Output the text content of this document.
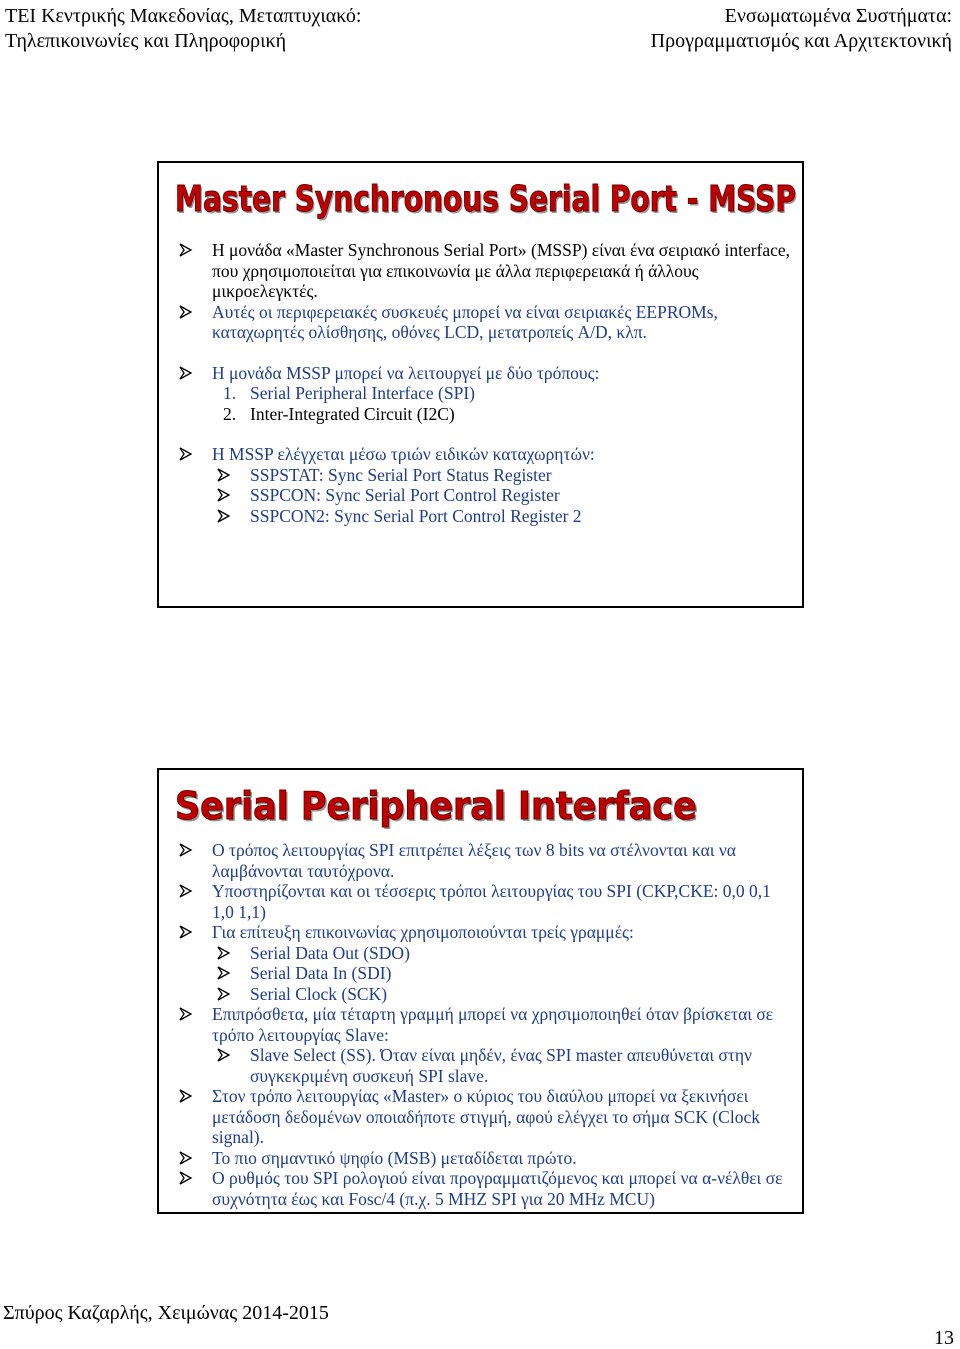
ΤΕΙ Κεντρικής Μακεδονίας, Μεταπτυχιακό:
Τηλεπικοινωνίες και Πληροφορική
Ενσωματωμένα Συστήματα:
Προγραμματισμός και Αρχιτεκτονική
Master Synchronous Serial Port - MSSP
Η μονάδα «Master Synchronous Serial Port» (MSSP) είναι ένα σειριακό interface, που χρησιμοποιείται για επικοινωνία με άλλα περιφερειακά ή άλλους μικροελεγκτές.
Αυτές οι περιφερειακές συσκευές μπορεί να είναι σειριακές EEPROMs, καταχωρητές ολίσθησης, οθόνες LCD, μετατροπείς A/D, κλπ.
Η μονάδα MSSP μπορεί να λειτουργεί με δύο τρόπους:
1. Serial Peripheral Interface (SPI)
2. Inter-Integrated Circuit (I2C)
H MSSP ελέγχεται μέσω τριών ειδικών καταχωρητών:
SSPSTAT: Sync Serial Port Status Register
SSPCON: Sync Serial Port Control Register
SSPCON2: Sync Serial Port Control Register 2
Serial Peripheral Interface
Ο τρόπος λειτουργίας SPI επιτρέπει λέξεις των 8 bits να στέλνονται και να λαμβάνονται ταυτόχρονα.
Υποστηρίζονται και οι τέσσερις τρόποι λειτουργίας του SPI (CKP,CKE: 0,0 0,1 1,0 1,1)
Για επίτευξη επικοινωνίας χρησιμοποιούνται τρείς γραμμές:
Serial Data Out (SDO)
Serial Data In (SDI)
Serial Clock (SCK)
Επιπρόσθετα, μία τέταρτη γραμμή μπορεί να χρησιμοποιηθεί όταν βρίσκεται σε τρόπο λειτουργίας Slave:
Slave Select (SS). Όταν είναι μηδέν, ένας SPI master απευθύνεται στην συγκεκριμένη συσκευή SPI slave.
Στον τρόπο λειτουργίας «Master» ο κύριος του διαύλου μπορεί να ξεκινήσει μετάδοση δεδομένων οποιαδήποτε στιγμή, αφού ελέγχει το σήμα SCK (Clock signal).
Το πιο σημαντικό ψηφίο (MSB) μεταδίδεται πρώτο.
Ο ρυθμός του SPI ρολογιού είναι προγραμματιζόμενος και μπορεί να α-νέλθει σε συχνότητα έως και Fosc/4 (π.χ. 5 MHZ SPI για 20 MHz MCU)
Σπύρος Καζαρλής, Χειμώνας 2014-2015
13
